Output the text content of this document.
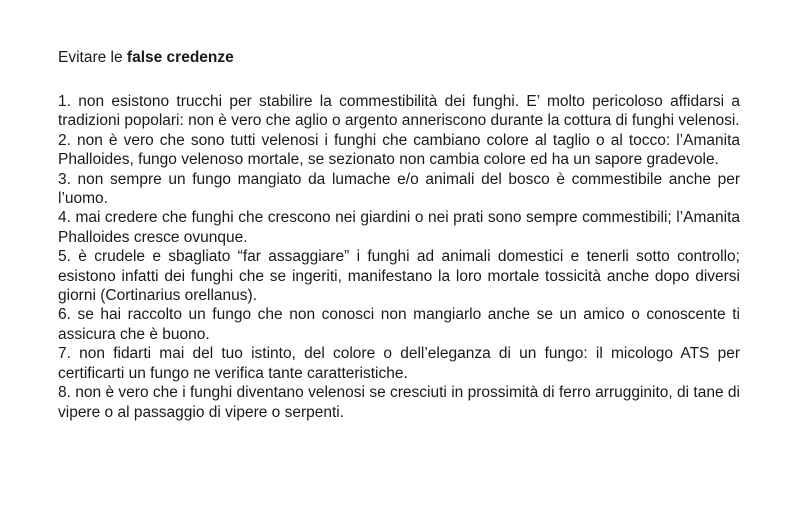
Evitare le false credenze
1. non esistono trucchi per stabilire la commestibilità dei funghi. E’ molto pericoloso affidarsi a tradizioni popolari: non è vero che aglio o argento anneriscono durante la cottura di funghi velenosi.
2. non è vero che sono tutti velenosi i funghi che cambiano colore al taglio o al tocco: l’Amanita Phalloides, fungo velenoso mortale, se sezionato non cambia colore ed ha un sapore gradevole.
3. non sempre un fungo mangiato da lumache e/o animali del bosco è commestibile anche per l’uomo.
4. mai credere che funghi che crescono nei giardini o nei prati sono sempre commestibili; l’Amanita Phalloides cresce ovunque.
5. è crudele e sbagliato “far assaggiare” i funghi ad animali domestici e tenerli sotto controllo; esistono infatti dei funghi che se ingeriti, manifestano la loro mortale tossicità anche dopo diversi giorni (Cortinarius orellanus).
6. se hai raccolto un fungo che non conosci non mangiarlo anche se un amico o conoscente ti assicura che è buono.
7. non fidarti mai del tuo istinto, del colore o dell’eleganza di un fungo: il micologo ATS per certificarti un fungo ne verifica tante caratteristiche.
8. non è vero che i funghi diventano velenosi se cresciuti in prossimità di ferro arrugginito, di tane di vipere o al passaggio di vipere o serpenti.
